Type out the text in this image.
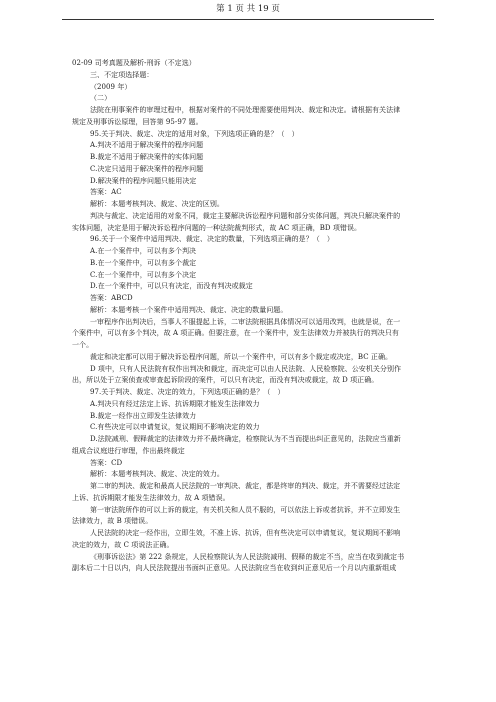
第 1 页 共 19 页
02-09 司考真题及解析-刑诉（不定选）
三、不定项选择题：
（2009 年）
（二）
法院在刑事案件的审理过程中，根据对案件的不同处理需要使用判决、裁定和决定。请根据有关法律
规定及刑事诉讼原理，回答第 95-97 题。
95.关于判决、裁定、决定的适用对象，下列选项正确的是？（　）
A.判决不适用于解决案件的程序问题
B.裁定不适用于解决案件的实体问题
C.决定只适用于解决案件的程序问题
D.解决案件的程序问题只能用决定
答案：AC
解析：本题考核判决、裁定、决定的区别。
判决与裁定、决定适用的对象不同，裁定主要解决诉讼程序问题和部分实体问题，判决只解决案件的
实体问题，决定是用于解决诉讼程序问题的一种法院裁判形式，故 AC 项正确，BD 项错误。
96.关于一个案件中适用判决、裁定、决定的数量，下列选项正确的是？（　）
A.在一个案件中，可以有多个判决
B.在一个案件中，可以有多个裁定
C.在一个案件中，可以有多个决定
D.在一个案件中，可以只有决定，而没有判决或裁定
答案：ABCD
解析：本题考核一个案件中适用判决、裁定、决定的数量问题。
一审程序作出判决后，当事人不服提起上诉，二审法院根据具体情况可以适用改判，也就是说，在一
个案件中，可以有多个判决，故 A 项正确。但要注意，在一个案件中，发生法律效力并被执行的判决只有
一个。
裁定和决定都可以用于解决诉讼程序问题，所以一个案件中，可以有多个裁定或决定，BC 正确。
D 项中，只有人民法院有权作出判决和裁定，而决定可以由人民法院、人民检察院、公安机关分别作
出，所以处于立案侦查或审查起诉阶段的案件，可以只有决定，而没有判决或裁定，故 D 项正确。
97.关于判决、裁定、决定的效力，下列选项正确的是？（　）
A.判决只有经过法定上诉、抗诉期限才能发生法律效力
B.裁定一经作出立即发生法律效力
C.有些决定可以申请复议，复议期间不影响决定的效力
D.法院减刑、假释裁定的法律效力并不最终确定，检察院认为不当而提出纠正意见的，法院应当重新
组成合议庭进行审理，作出最终裁定
答案：CD
解析：本题考核判决、裁定、决定的效力。
第二审的判决、裁定和最高人民法院的一审判决、裁定，都是终审的判决、裁定，并不需要经过法定
上诉、抗诉期限才能发生法律效力，故 A 项错误。
第一审法院所作的可以上诉的裁定，有关机关和人员不服的，可以依法上诉或者抗诉，并不立即发生
法律效力，故 B 项错误。
人民法院的决定一经作出，立即生效，不准上诉、抗诉，但有些决定可以申请复议，复议期间不影响
决定的效力，故 C 项说法正确。
《刑事诉讼法》第 222 条规定，人民检察院认为人民法院减刑、假释的裁定不当，应当在收到裁定书
副本后二十日以内，向人民法院提出书面纠正意见。人民法院应当在收到纠正意见后一个月以内重新组成
